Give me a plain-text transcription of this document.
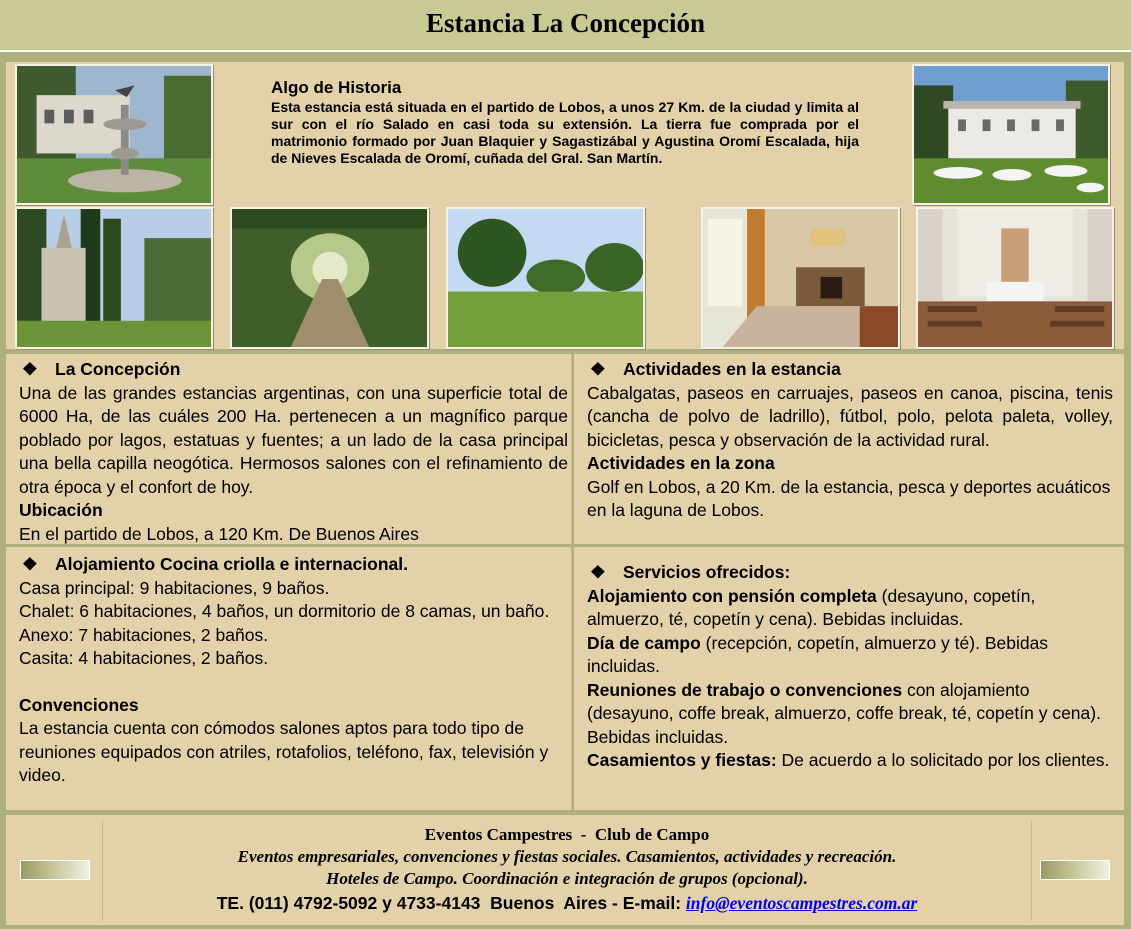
Estancia La Concepción
Algo de Historia

Esta estancia está situada en el partido de Lobos, a unos 27 Km. de la ciudad y limita al sur con el río Salado en casi toda su extensión. La tierra fue comprada por el matrimonio formado por Juan Blaquier y Sagastizábal y Agustina Oromí Escalada, hija de Nieves Escalada de Oromí, cuñada del Gral. San Martín.

❖ La Concepción
Una de las grandes estancias argentinas, con una superficie total de 6000 Ha, de las cuáles 200 Ha. pertenecen a un magnífico parque poblado por lagos, estatuas y fuentes; a un lado de la casa principal una bella capilla neogótica. Hermosos salones con el refinamiento de otra época y el confort de hoy.
Ubicación
En el partido de Lobos, a 120 Km. De Buenos Aires
❖ Actividades en la estancia
Cabalgatas, paseos en carruajes, paseos en canoa, piscina, tenis (cancha de polvo de ladrillo), fútbol, polo, pelota paleta, volley, bicicletas, pesca y observación de la actividad rural.
Actividades en la zona
Golf en Lobos, a 20 Km. de la estancia, pesca y deportes acuáticos en la laguna de Lobos.
❖ Alojamiento Cocina criolla e internacional.
Casa principal: 9 habitaciones, 9 baños.
Chalet: 6 habitaciones, 4 baños, un dormitorio de 8 camas, un baño.
Anexo: 7 habitaciones, 2 baños.
Casita: 4 habitaciones, 2 baños.
Convenciones
La estancia cuenta con cómodos salones aptos para todo tipo de reuniones equipados con atriles, rotafolios, teléfono, fax, televisión y video.
❖ Servicios ofrecidos:
Alojamiento con pensión completa (desayuno, copetín, almuerzo, té, copetín y cena). Bebidas incluidas.
Día de campo (recepción, copetín, almuerzo y té). Bebidas incluidas.
Reuniones de trabajo o convenciones con alojamiento (desayuno, coffe break, almuerzo, coffe break, té, copetín y cena). Bebidas incluidas.
Casamientos y fiestas: De acuerdo a lo solicitado por los clientes.
Eventos Campestres  -  Club de Campo
Eventos empresariales, convenciones y fiestas sociales. Casamientos, actividades y recreación.
Hoteles de Campo. Coordinación e integración de grupos (opcional).
TE. (011) 4792-5092 y 4733-4143  Buenos  Aires - E-mail: info@eventoscampestres.com.ar
